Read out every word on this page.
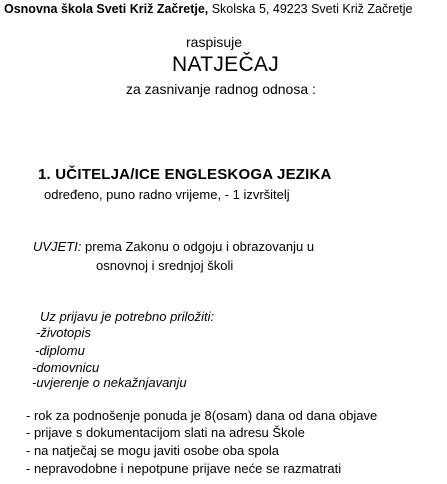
Osnovna škola Sveti Križ Začretje, Skolska 5, 49223 Sveti Križ Začretje
raspisuje
NATJEČAJ
za zasnivanje radnog odnosa :
1. UČITELJA/ICE ENGLESKOGA JEZIKA
određeno, puno radno vrijeme, - 1 izvršitelj
UVJETI: prema Zakonu o odgoju i obrazovanju u
osnovnoj i srednjoj školi
Uz prijavu je potrebno priložiti:
-životopis
-diplomu
-domovnicu
-uvjerenje o nekažnjavanju
- rok za podnošenje ponuda je 8(osam) dana od dana objave
- prijave s dokumentacijom slati na adresu Škole
- na natječaj se mogu javiti osobe oba spola
- nepravodobne i nepotpune prijave neće se razmatrati
